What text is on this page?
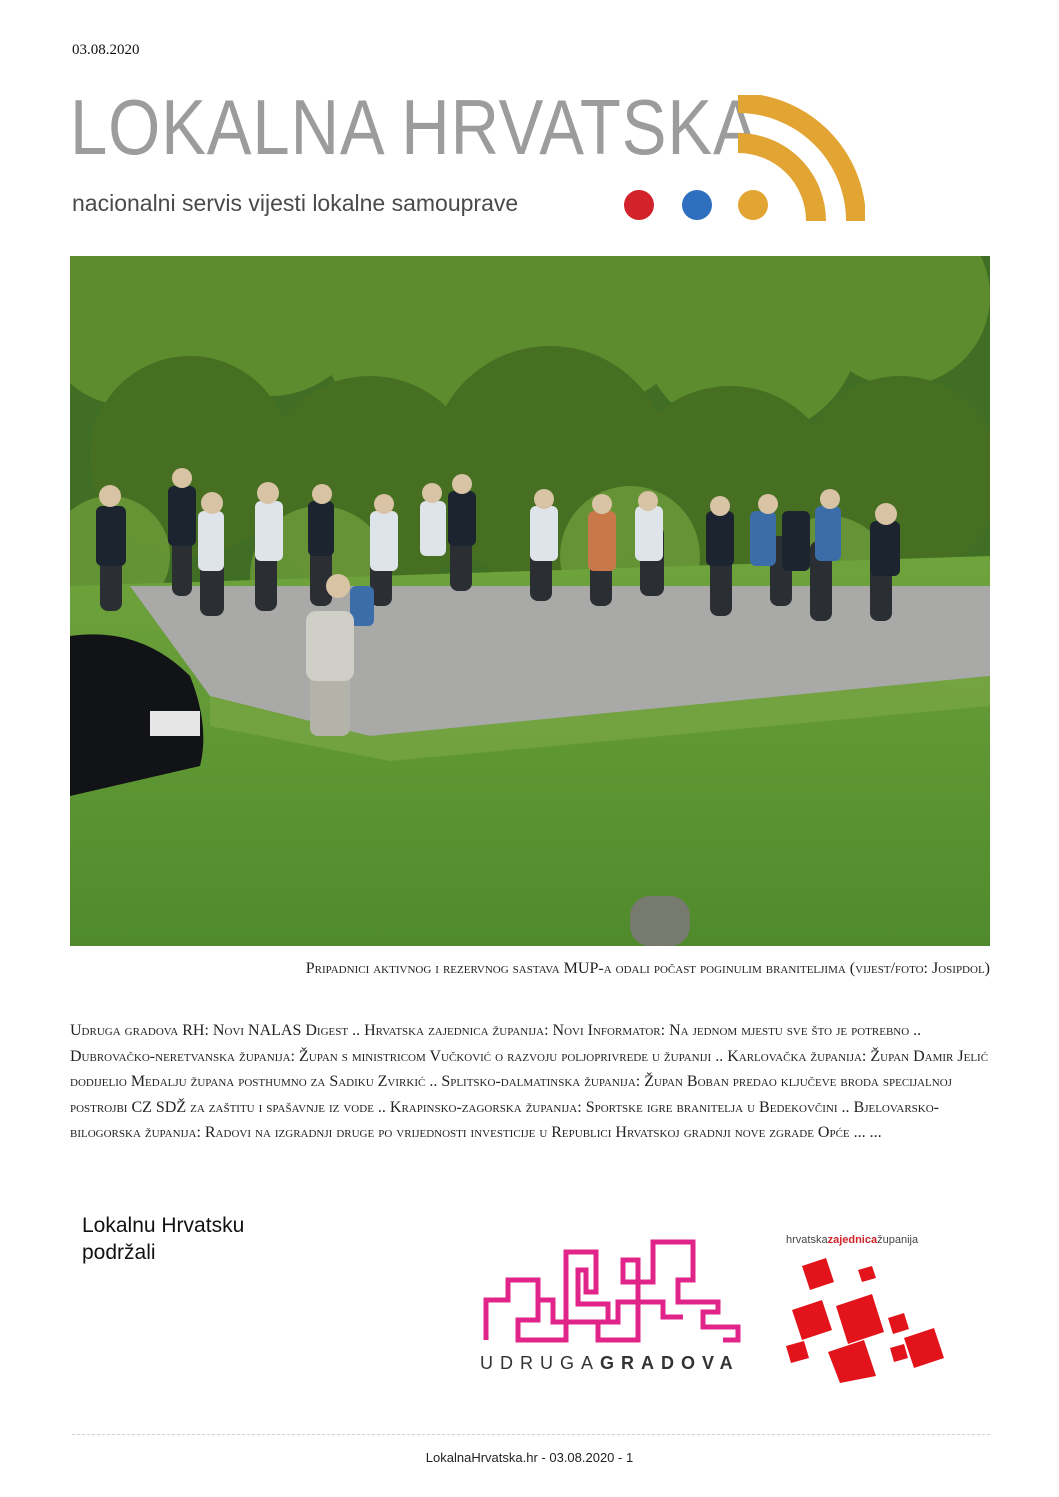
03.08.2020
LOKALNA HRVATSKA
nacionalni servis vijesti lokalne samouprave
Pripadnici aktivnog i rezervnog sastava MUP-a odali počast poginulim braniteljima (vijest/foto: Josipdol)
Udruga gradova RH: Novi NALAS Digest .. Hrvatska zajednica županija: Novi Informator: Na jednom mjestu sve što je potrebno .. Dubrovačko-neretvanska županija: Župan s ministricom Vučković o razvoju poljoprivrede u županiji .. Karlovačka županija: Župan Damir Jelić dodijelio Medalju župana posthumno za Sadiku Zvirkić .. Splitsko-dalmatinska županija: Župan Boban predao ključeve broda specijalnoj postrojbi CZ SDŽ za zaštitu i spašavnje iz vode .. Krapinsko-zagorska županija: Sportske igre branitelja u Bedekovčini .. Bjelovarsko-bilogorska županija: Radovi na izgradnji druge po vrijednosti investicije u Republici Hrvatskoj gradnji nove zgrade Opće ... ...
Lokalnu Hrvatsku
podržali
UDRUGAGRADOVA
hrvatskazajednicažupanija
LokalnaHrvatska.hr - 03.08.2020 - 1
